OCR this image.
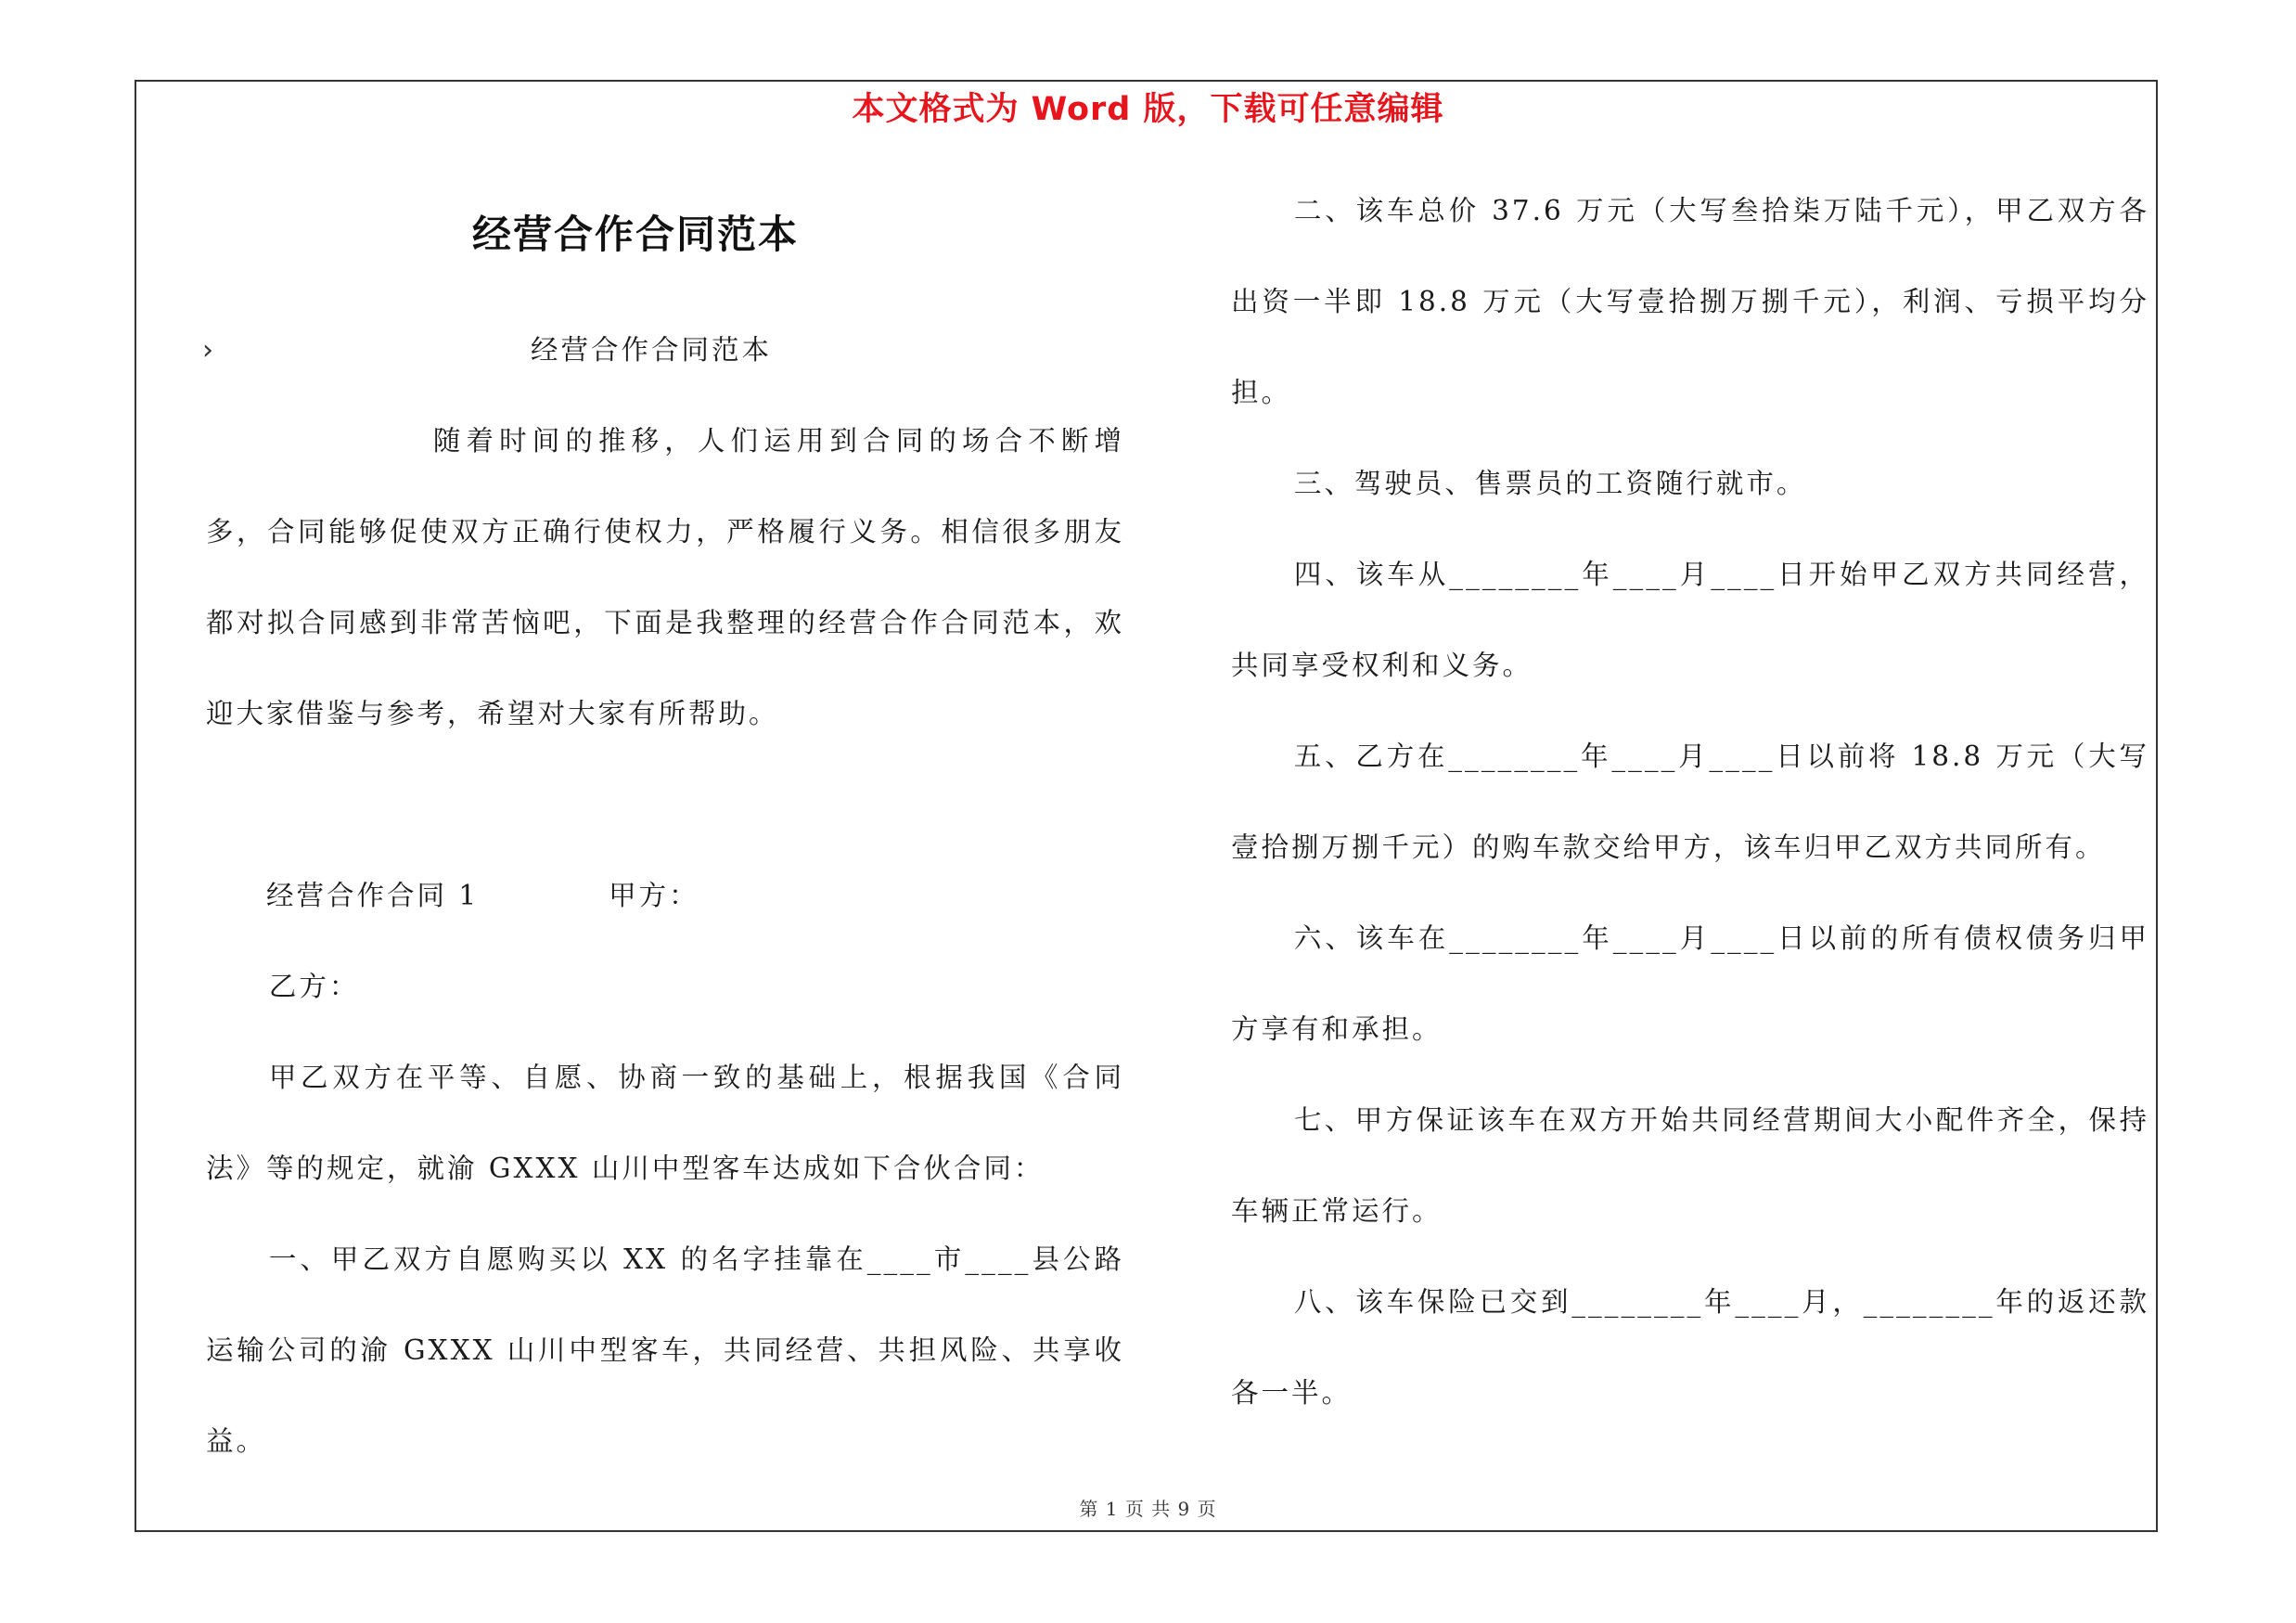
本文格式为 Word 版，下载可任意编辑
经营合作合同范本
›	经营合作合同范本

随着时间的推移，人们运用到合同的场合不断增多，合同能够促使双方正确行使权力，严格履行义务。相信很多朋友都对拟合同感到非常苦恼吧，下面是我整理的经营合作合同范本，欢迎大家借鉴与参考，希望对大家有所帮助。

经营合作合同 1	甲方：

乙方：

甲乙双方在平等、自愿、协商一致的基础上，根据我国《合同法》等的规定，就渝 GXXX 山川中型客车达成如下合伙合同：

一、甲乙双方自愿购买以 XX 的名字挂靠在____市____县公路运输公司的渝 GXXX 山川中型客车，共同经营、共担风险、共享收益。

二、该车总价 37.6 万元（大写叁拾柒万陆千元），甲乙双方各出资一半即 18.8 万元（大写壹拾捌万捌千元），利润、亏损平均分担。

三、驾驶员、售票员的工资随行就市。

四、该车从________年____月____日开始甲乙双方共同经营，共同享受权利和义务。

五、乙方在________年____月____日以前将 18.8 万元（大写壹拾捌万捌千元）的购车款交给甲方，该车归甲乙双方共同所有。

六、该车在________年____月____日以前的所有债权债务归甲方享有和承担。

七、甲方保证该车在双方开始共同经营期间大小配件齐全，保持车辆正常运行。

八、该车保险已交到________年____月，________年的返还款各一半。

第 1 页 共 9 页
